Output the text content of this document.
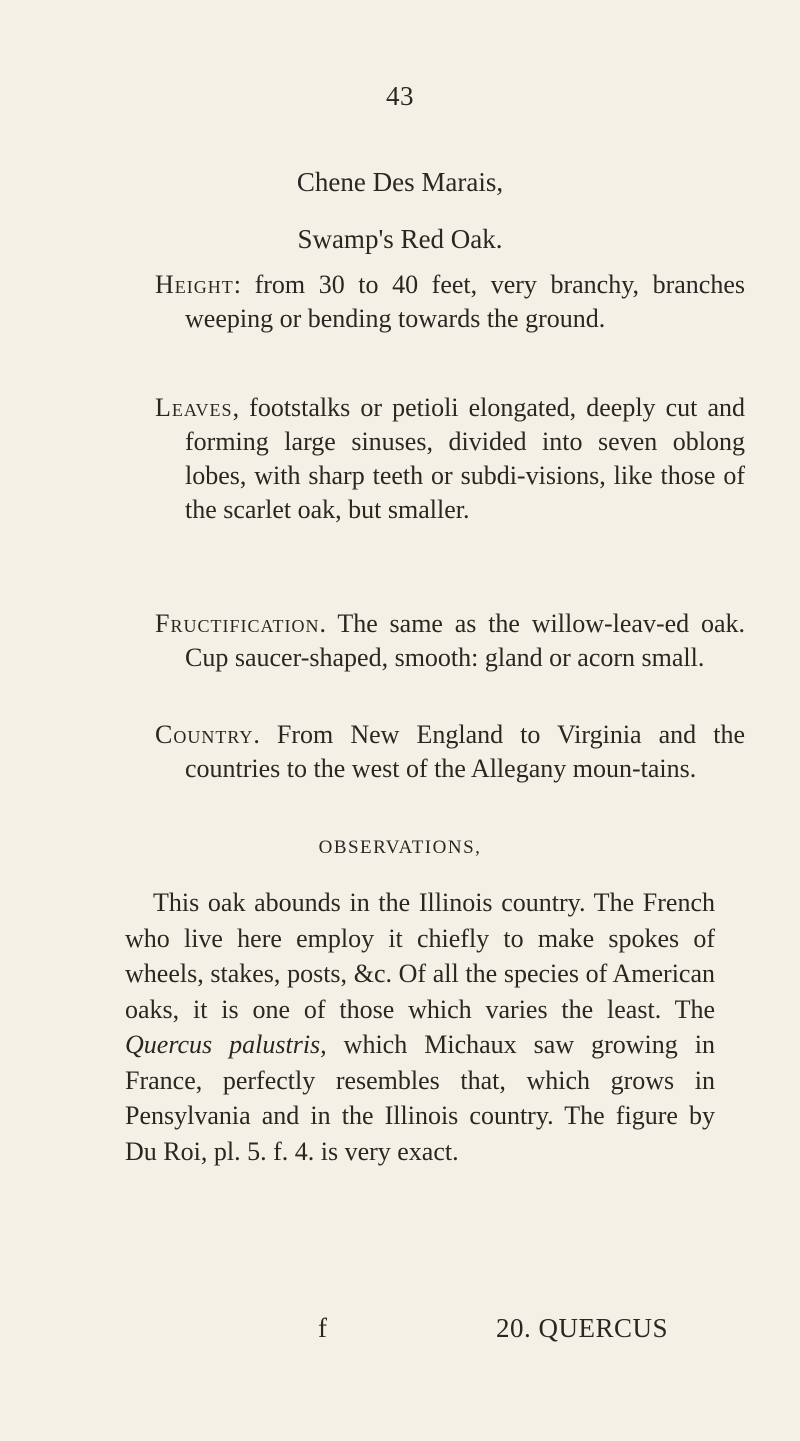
43
Chene Des Marais,
Swamp's Red Oak.

Height: from 30 to 40 feet, very branchy, branches weeping or bending towards the ground.

Leaves, footstalks or petioli elongated, deeply cut and forming large sinuses, divided into seven oblong lobes, with sharp teeth or subdi-visions, like those of the scarlet oak, but smaller.

Fructification. The same as the willow-leav-ed oak. Cup saucer-shaped, smooth: gland or acorn small.

Country. From New England to Virginia and the countries to the west of the Allegany moun-tains.

OBSERVATIONS,

This oak abounds in the Illinois country. The French who live here employ it chiefly to make spokes of wheels, stakes, posts, &c. Of all the species of American oaks, it is one of those which varies the least. The Quercus palustris, which Michaux saw growing in France, perfectly resembles that, which grows in Pensylvania and in the Illinois country. The figure by Du Roi, pl. 5. f. 4. is very exact.

f	20. QUERCUS
